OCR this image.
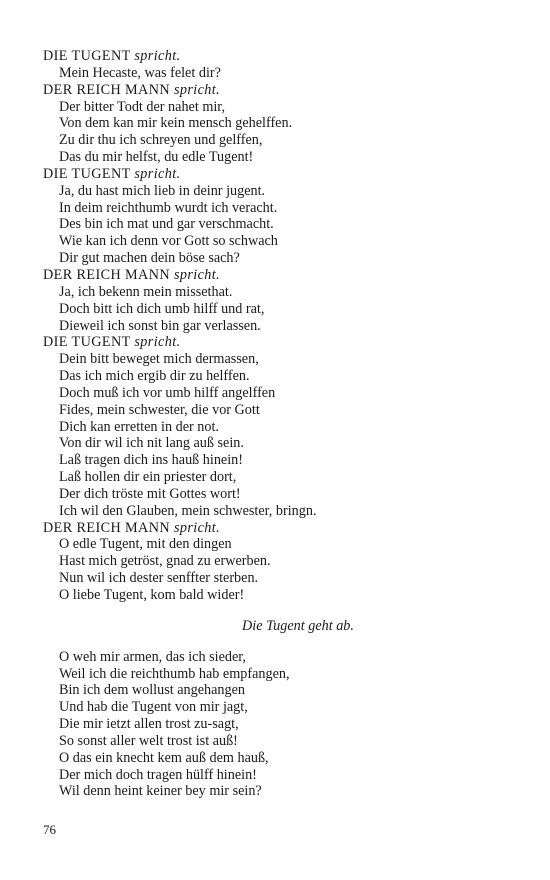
DIE TUGENT spricht.
Mein Hecaste, was felet dir?
DER REICH MANN spricht.
Der bitter Todt der nahet mir,
Von dem kan mir kein mensch gehelffen.
Zu dir thu ich schreyen und gelffen,
Das du mir helfst, du edle Tugent!
DIE TUGENT spricht.
Ja, du hast mich lieb in deinr jugent.
In deim reichthumb wurdt ich veracht.
Des bin ich mat und gar verschmacht.
Wie kan ich denn vor Gott so schwach
Dir gut machen dein böse sach?
DER REICH MANN spricht.
Ja, ich bekenn mein missethat.
Doch bitt ich dich umb hilff und rat,
Dieweil ich sonst bin gar verlassen.
DIE TUGENT spricht.
Dein bitt beweget mich dermassen,
Das ich mich ergib dir zu helffen.
Doch muß ich vor umb hilff angelffen
Fides, mein schwester, die vor Gott
Dich kan erretten in der not.
Von dir wil ich nit lang auß sein.
Laß tragen dich ins hauß hinein!
Laß hollen dir ein priester dort,
Der dich tröste mit Gottes wort!
Ich wil den Glauben, mein schwester, bringn.
DER REICH MANN spricht.
O edle Tugent, mit den dingen
Hast mich getröst, gnad zu erwerben.
Nun wil ich dester senffter sterben.
O liebe Tugent, kom bald wider!
Die Tugent geht ab.
O weh mir armen, das ich sieder,
Weil ich die reichthumb hab empfangen,
Bin ich dem wollust angehangen
Und hab die Tugent von mir jagt,
Die mir ietzt allen trost zu-sagt,
So sonst aller welt trost ist auß!
O das ein knecht kem auß dem hauß,
Der mich doch tragen hülff hinein!
Wil denn heint keiner bey mir sein?
76
